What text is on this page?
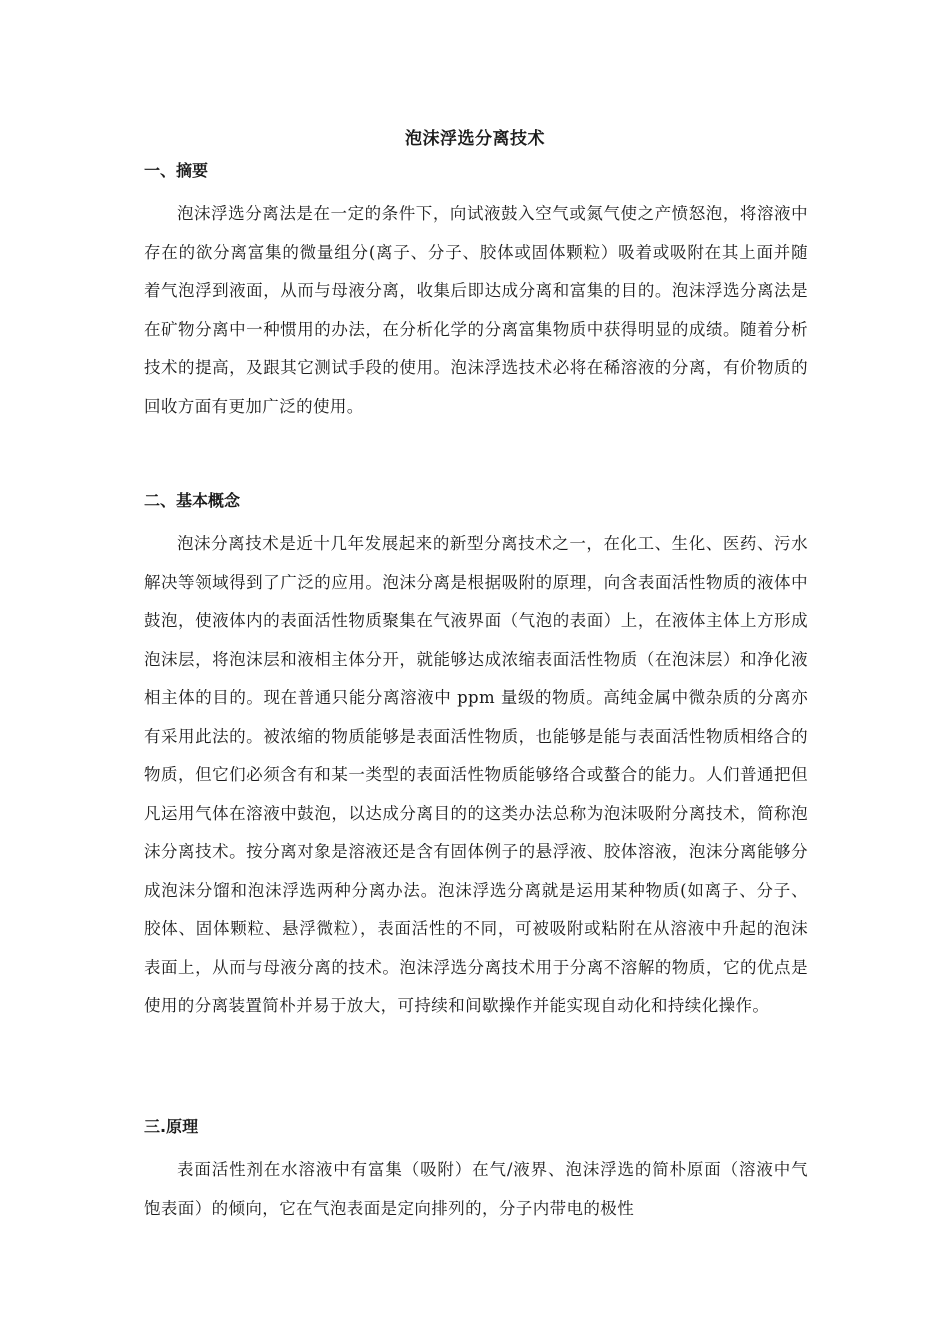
泡沫浮选分离技术

一、摘要

泡沫浮选分离法是在一定的条件下，向试液鼓入空气或氮气使之产愤怒泡，将溶液中存在的欲分离富集的微量组分(离子、分子、胶体或固体颗粒）吸着或吸附在其上面并随着气泡浮到液面，从而与母液分离，收集后即达成分离和富集的目的。泡沫浮选分离法是在矿物分离中一种惯用的办法，在分析化学的分离富集物质中获得明显的成绩。随着分析技术的提高，及跟其它测试手段的使用。泡沫浮选技术必将在稀溶液的分离，有价物质的回收方面有更加广泛的使用。

二、基本概念

泡沫分离技术是近十几年发展起来的新型分离技术之一，在化工、生化、医药、污水解决等领域得到了广泛的应用。泡沫分离是根据吸附的原理，向含表面活性物质的液体中鼓泡，使液体内的表面活性物质聚集在气液界面（气泡的表面）上，在液体主体上方形成泡沫层，将泡沫层和液相主体分开，就能够达成浓缩表面活性物质（在泡沫层）和净化液相主体的目的。现在普通只能分离溶液中 ppm 量级的物质。高纯金属中微杂质的分离亦有采用此法的。被浓缩的物质能够是表面活性物质，也能够是能与表面活性物质相络合的物质，但它们必须含有和某一类型的表面活性物质能够络合或螯合的能力。人们普通把但凡运用气体在溶液中鼓泡，以达成分离目的的这类办法总称为泡沫吸附分离技术，简称泡沫分离技术。按分离对象是溶液还是含有固体例子的悬浮液、胶体溶液，泡沫分离能够分成泡沫分馏和泡沫浮选两种分离办法。泡沫浮选分离就是运用某种物质(如离子、分子、胶体、固体颗粒、悬浮微粒），表面活性的不同，可被吸附或粘附在从溶液中升起的泡沫表面上，从而与母液分离的技术。泡沫浮选分离技术用于分离不溶解的物质，它的优点是使用的分离装置简朴并易于放大，可持续和间歇操作并能实现自动化和持续化操作。

三.原理

表面活性剂在水溶液中有富集（吸附）在气/液界、泡沫浮选的简朴原面（溶液中气饱表面）的倾向，它在气泡表面是定向排列的，分子内带电的极性
